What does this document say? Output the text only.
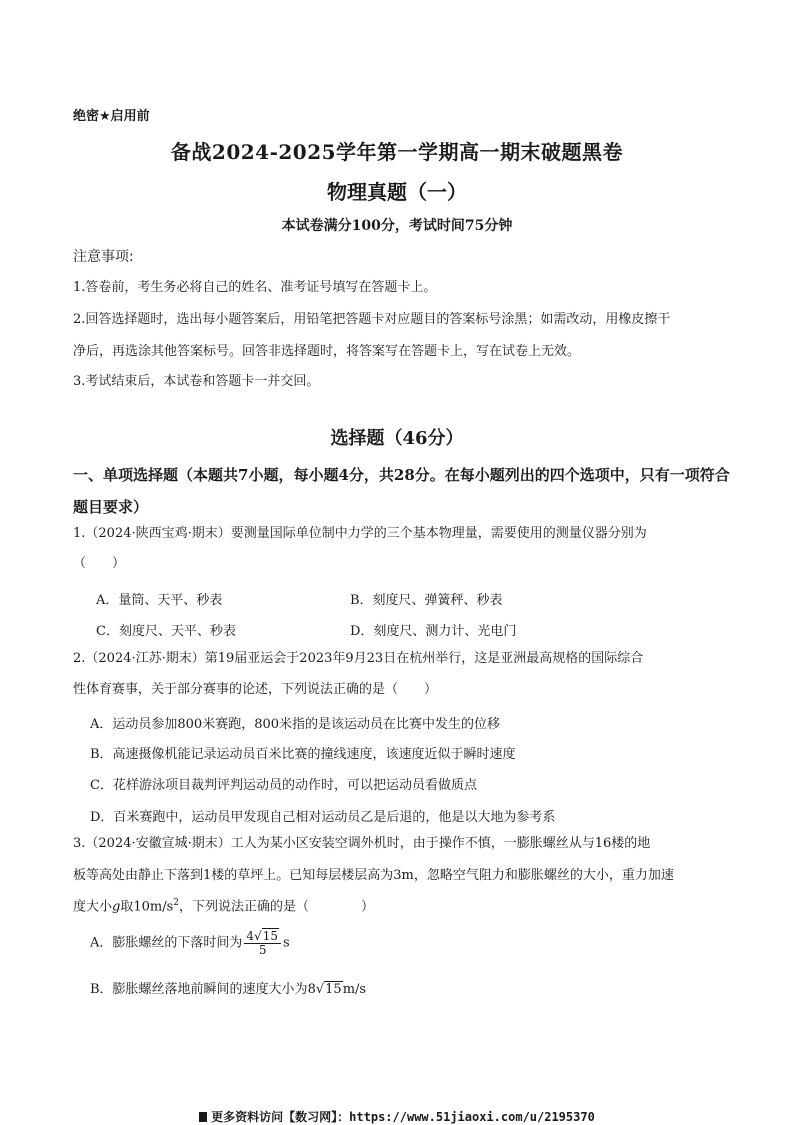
绝密★启用前
备战2024-2025学年第一学期高一期末破题黑卷
物理真题（一）
本试卷满分100分，考试时间75分钟
注意事项:
1.答卷前，考生务必将自己的姓名、准考证号填写在答题卡上。
2.回答选择题时，选出每小题答案后，用铅笔把答题卡对应题目的答案标号涂黑；如需改动，用橡皮擦干
净后，再选涂其他答案标号。回答非选择题时，将答案写在答题卡上，写在试卷上无效。
3.考试结束后，本试卷和答题卡一并交回。
选择题（46分）
一、单项选择题（本题共7小题，每小题4分，共28分。在每小题列出的四个选项中，只有一项符合题目要求）
1.（2024·陕西宝鸡·期末）要测量国际单位制中力学的三个基本物理量，需要使用的测量仪器分别为
（　　）
A．量筒、天平、秒表	B．刻度尺、弹簧秤、秒表
C．刻度尺、天平、秒表	D．刻度尺、测力计、光电门
2.（2024·江苏·期末）第19届亚运会于2023年9月23日在杭州举行，这是亚洲最高规格的国际综合
性体育赛事，关于部分赛事的论述，下列说法正确的是（　　）
A．运动员参加800米赛跑，800米指的是该运动员在比赛中发生的位移
B．高速摄像机能记录运动员百米比赛的撞线速度，该速度近似于瞬时速度
C．花样游泳项目裁判评判运动员的动作时，可以把运动员看做质点
D．百米赛跑中，运动员甲发现自己相对运动员乙是后退的，他是以大地为参考系
3.（2024·安徽宣城·期末）工人为某小区安装空调外机时，由于操作不慎，一膨胀螺丝从与16楼的地
板等高处由静止下落到1楼的草坪上。已知每层楼层高为3m，忽略空气阻力和膨胀螺丝的大小，重力加速
度大小g取$10m/s^2$，下列说法正确的是（　　　　）
A．膨胀螺丝的下落时间为 $\frac{4√15}{5}$ s
B．膨胀螺丝落地前瞬间的速度大小为8√15m/s
更多资料访问【数习网】：https://www.51jiaoxi.com/u/2195370
